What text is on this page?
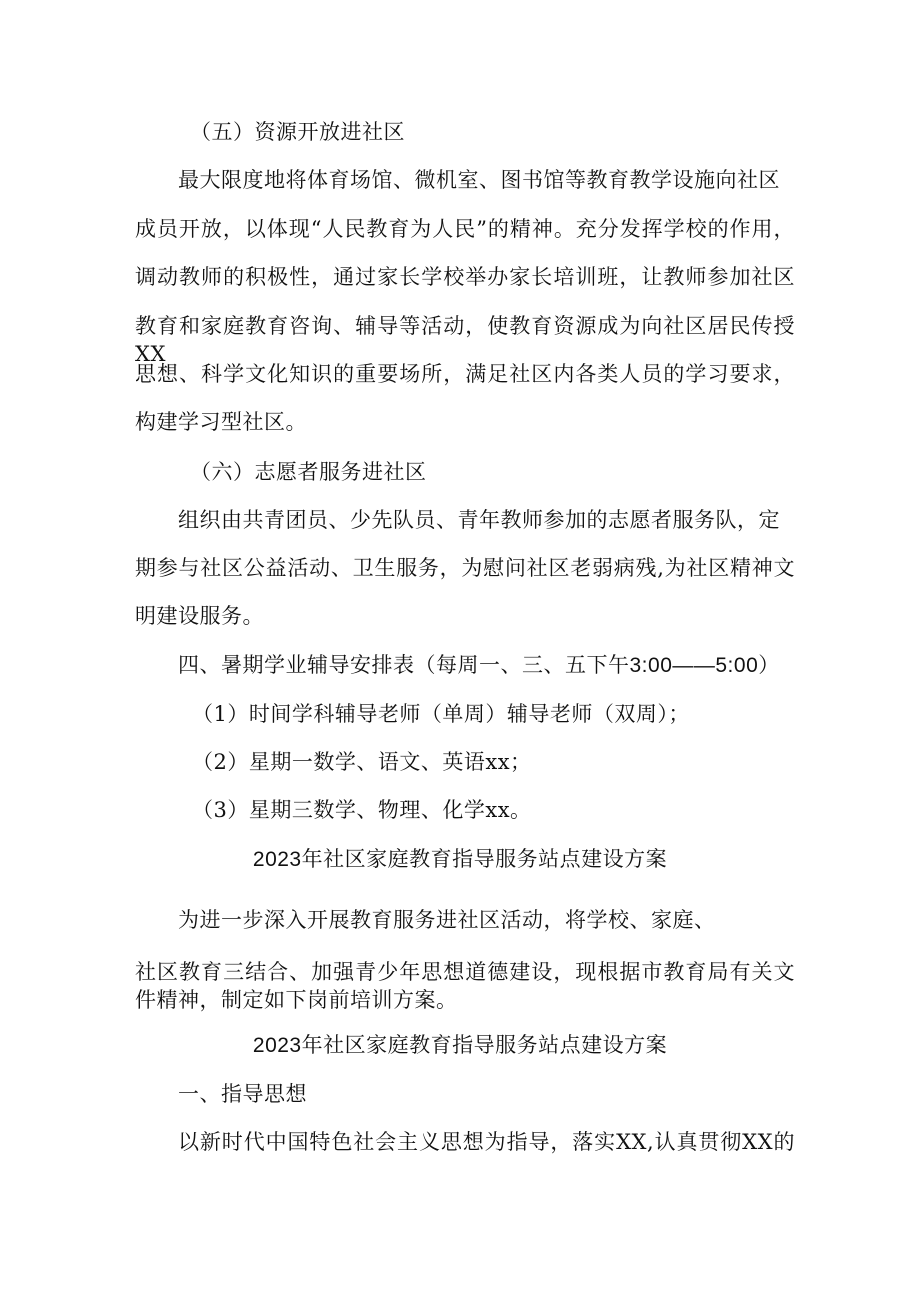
（五）资源开放进社区
最大限度地将体育场馆、微机室、图书馆等教育教学设施向社区
成员开放，以体现“人民教育为人民”的精神。充分发挥学校的作用，
调动教师的积极性，通过家长学校举办家长培训班，让教师参加社区
教育和家庭教育咨询、辅导等活动，使教育资源成为向社区居民传授XX
思想、科学文化知识的重要场所，满足社区内各类人员的学习要求，
构建学习型社区。
（六）志愿者服务进社区
组织由共青团员、少先队员、青年教师参加的志愿者服务队，定
期参与社区公益活动、卫生服务，为慰问社区老弱病残,为社区精神文
明建设服务。
四、暑期学业辅导安排表（每周一、三、五下午3:00——5:00）
（1）时间学科辅导老师（单周）辅导老师（双周）；
（2）星期一数学、语文、英语xx；
（3）星期三数学、物理、化学xx。
2023年社区家庭教育指导服务站点建设方案
为进一步深入开展教育服务进社区活动，将学校、家庭、
社区教育三结合、加强青少年思想道德建设，现根据市教育局有关文
件精神，制定如下岗前培训方案。
2023年社区家庭教育指导服务站点建设方案
一、指导思想
以新时代中国特色社会主义思想为指导，落实XX,认真贯彻XX的
